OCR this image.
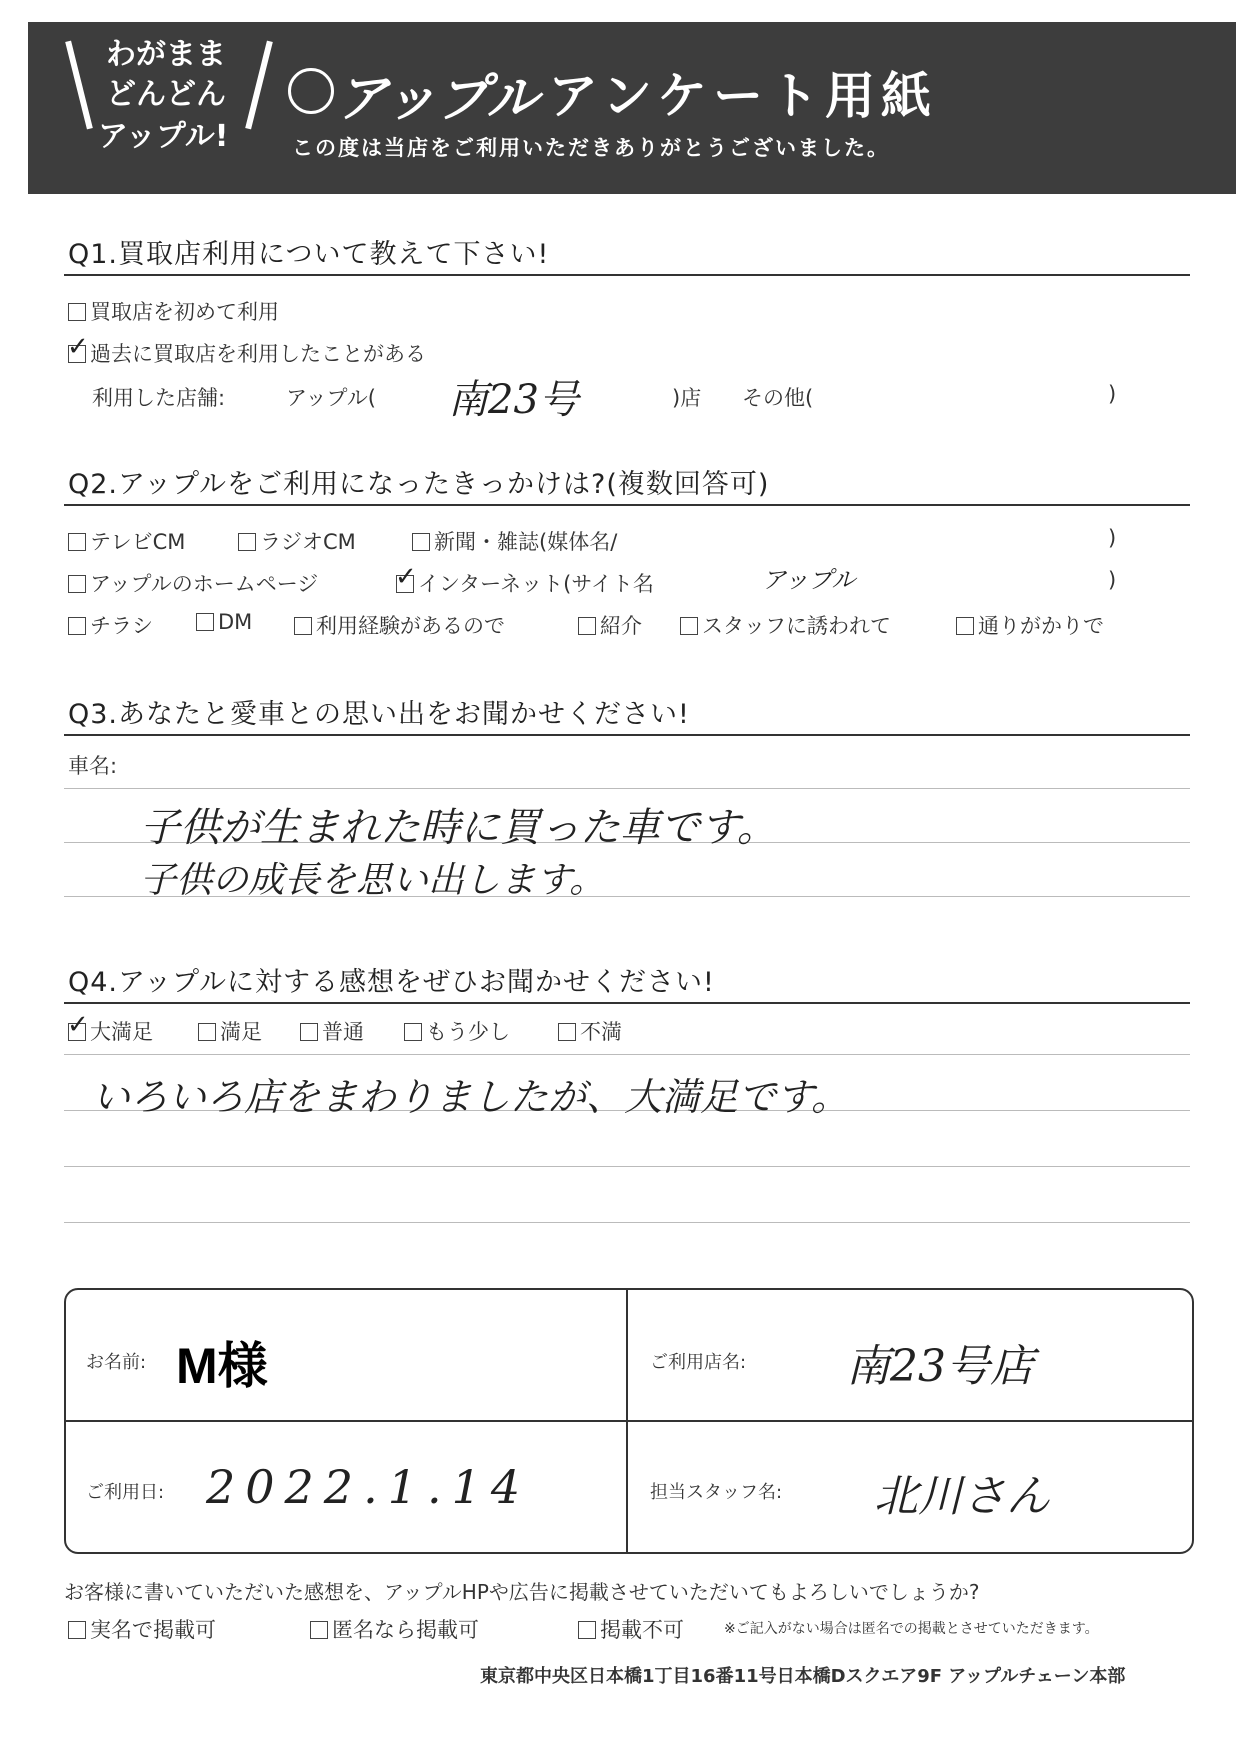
わがまま
どんどん
アップル!
アップル アンケート用紙
この度は当店をご利用いただきありがとうございました。
Q1.買取店利用について教えて下さい!
買取店を初めて利用
✓ 過去に買取店を利用したことがある
利用した店舗:	アップル( 南23号	)店 その他(	)
Q2.アップルをご利用になったきっかけは?(複数回答可)
テレビCM	ラジオCM	新聞・雑誌(媒体名/	)
アップルのホームページ	✓ インターネット(サイト名	アップル	)
チラシ	DM	利用経験があるので	紹介	スタッフに誘われて	通りがかりで
Q3.あなたと愛車との思い出をお聞かせください!
車名:
子供が生まれた時に買った車です。
子供の成長を思い出します。
Q4.アップルに対する感想をぜひお聞かせください!
✓ 大満足	満足	普通	もう少し	不満
いろいろ店をまわりましたが、大満足です。
お名前: M様	ご利用店名: 南23号店
ご利用日: 2022.1.14	担当スタッフ名: 北川さん
お客様に書いていただいた感想を、アップルHPや広告に掲載させていただいてもよろしいでしょうか?
実名で掲載可	匿名なら掲載可	掲載不可	※ご記入がない場合は匿名での掲載とさせていただきます。
東京都中央区日本橋1丁目16番11号日本橋Dスクエア9F アップルチェーン本部
